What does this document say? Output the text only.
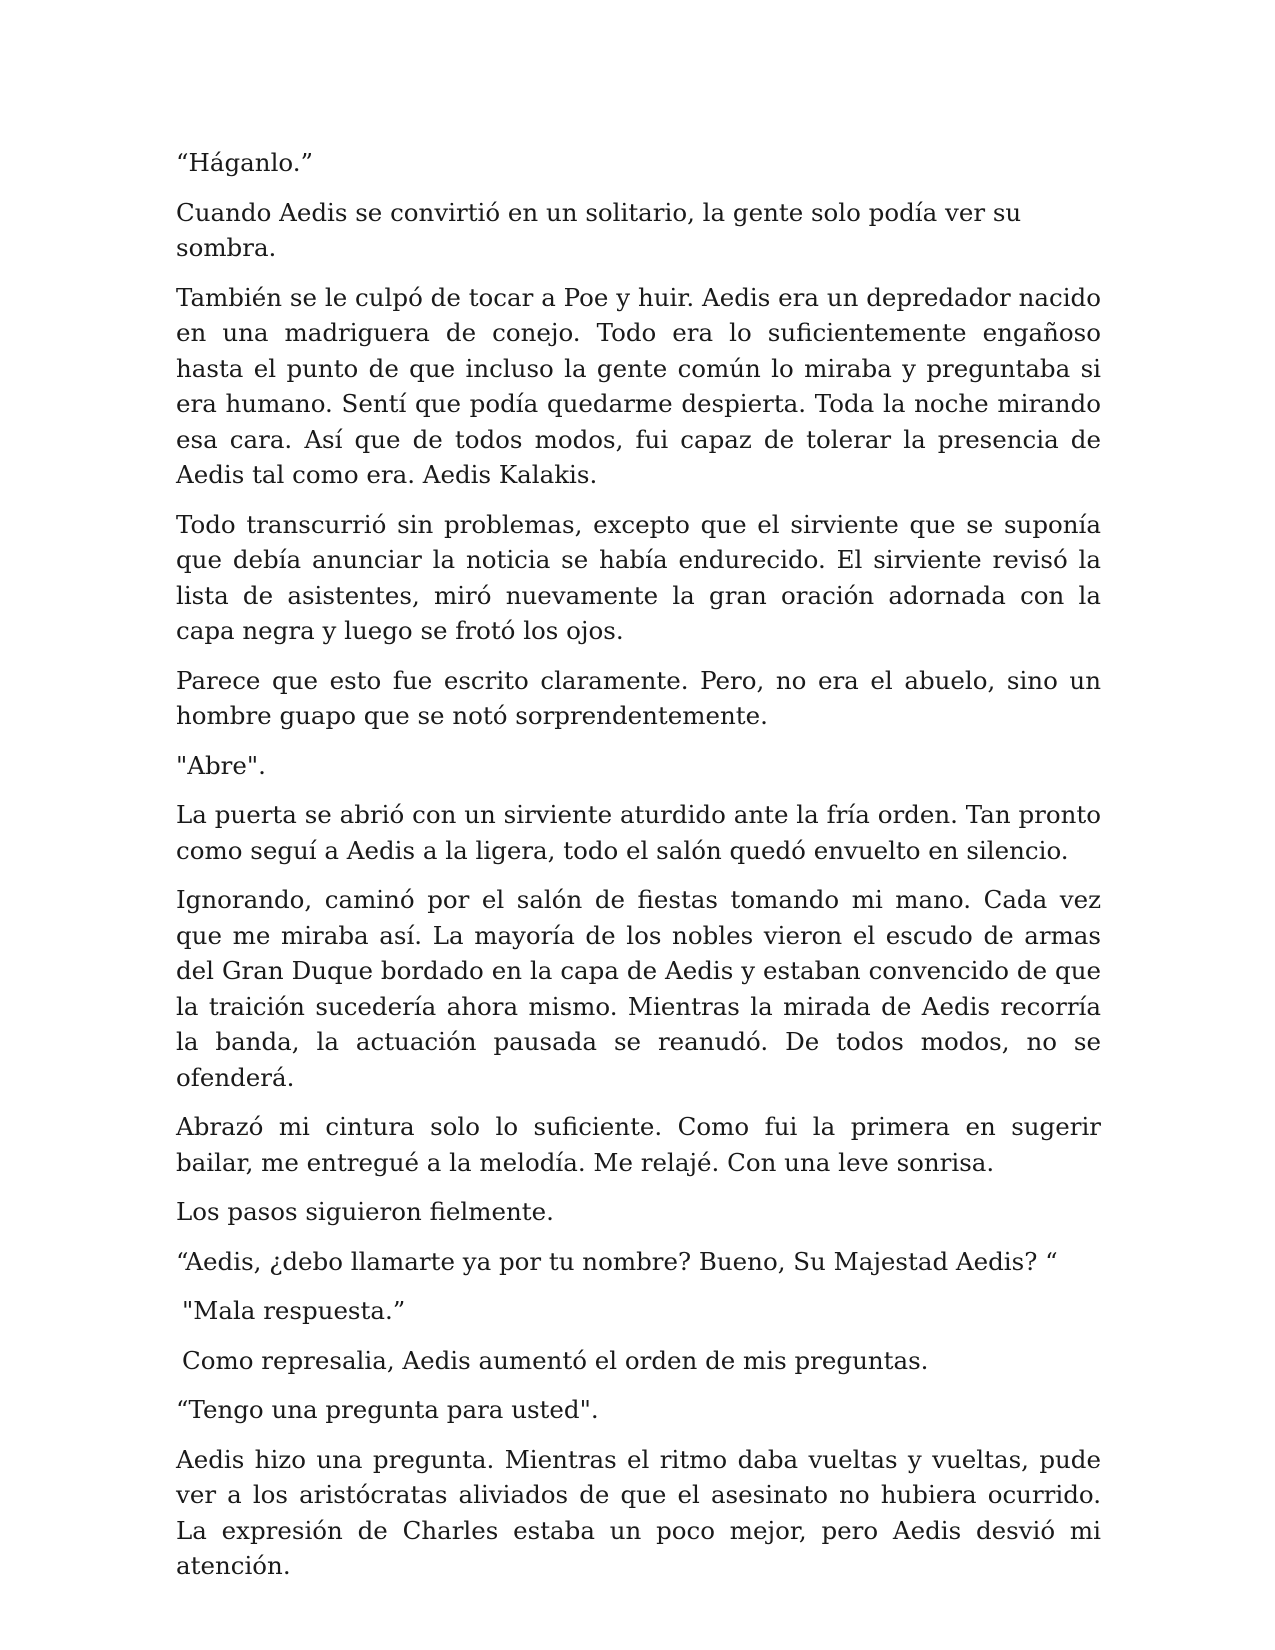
“Háganlo.”

Cuando Aedis se convirtió en un solitario, la gente solo podía ver su sombra.

También se le culpó de tocar a Poe y huir. Aedis era un depredador nacido en una madriguera de conejo. Todo era lo suficientemente engañoso hasta el punto de que incluso la gente común lo miraba y preguntaba si era humano. Sentí que podía quedarme despierta. Toda la noche mirando esa cara. Así que de todos modos, fui capaz de tolerar la presencia de Aedis tal como era. Aedis Kalakis.

Todo transcurrió sin problemas, excepto que el sirviente que se suponía que debía anunciar la noticia se había endurecido. El sirviente revisó la lista de asistentes, miró nuevamente la gran oración adornada con la capa negra y luego se frotó los ojos.

Parece que esto fue escrito claramente. Pero, no era el abuelo, sino un hombre guapo que se notó sorprendentemente.

"Abre".

La puerta se abrió con un sirviente aturdido ante la fría orden. Tan pronto como seguí a Aedis a la ligera, todo el salón quedó envuelto en silencio.

Ignorando, caminó por el salón de fiestas tomando mi mano. Cada vez que me miraba así. La mayoría de los nobles vieron el escudo de armas del Gran Duque bordado en la capa de Aedis y estaban convencido de que la traición sucedería ahora mismo. Mientras la mirada de Aedis recorría la banda, la actuación pausada se reanudó. De todos modos, no se ofenderá.

Abrazó mi cintura solo lo suficiente. Como fui la primera en sugerir bailar, me entregué a la melodía. Me relajé. Con una leve sonrisa.

Los pasos siguieron fielmente.

“Aedis, ¿debo llamarte ya por tu nombre? Bueno, Su Majestad Aedis? “

"Mala respuesta.”

Como represalia, Aedis aumentó el orden de mis preguntas.

“Tengo una pregunta para usted".

Aedis hizo una pregunta. Mientras el ritmo daba vueltas y vueltas, pude ver a los aristócratas aliviados de que el asesinato no hubiera ocurrido. La expresión de Charles estaba un poco mejor, pero Aedis desvió mi atención.
